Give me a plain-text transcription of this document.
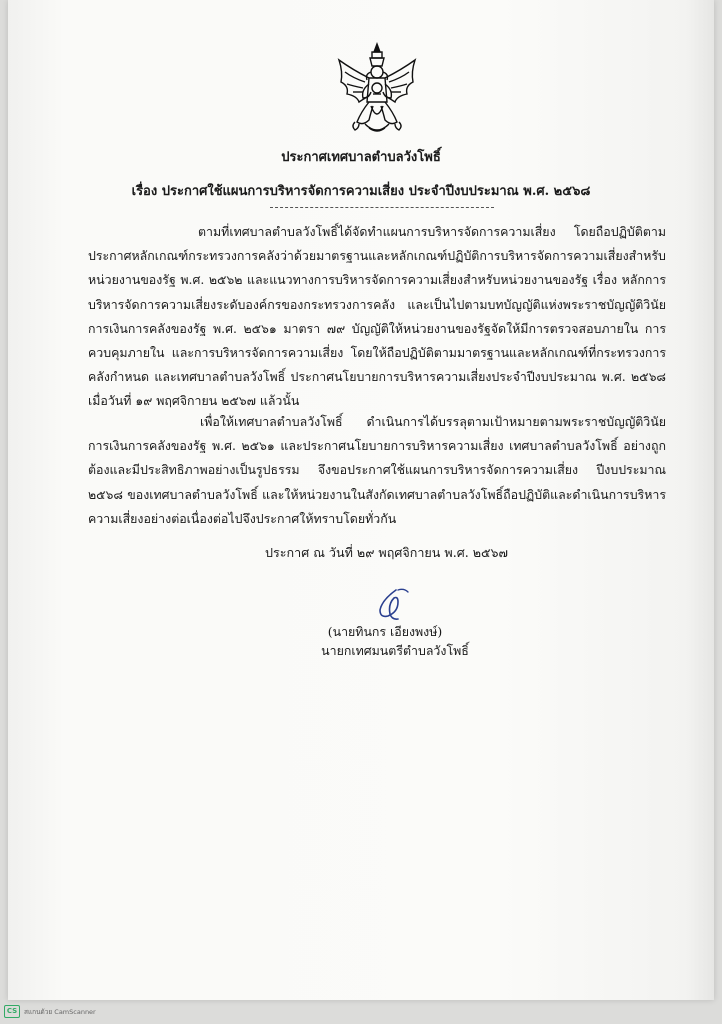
ประกาศเทศบาลตำบลวังโพธิ์
เรื่อง ประกาศใช้แผนการบริหารจัดการความเสี่ยง ประจำปีงบประมาณ พ.ศ. ๒๕๖๘

ตามที่เทศบาลตำบลวังโพธิ์ได้จัดทำแผนการบริหารจัดการความเสี่ยง โดยถือปฏิบัติตามประกาศหลักเกณฑ์กระทรวงการคลังว่าด้วยมาตรฐานและหลักเกณฑ์ปฏิบัติการบริหารจัดการความเสี่ยงสำหรับหน่วยงานของรัฐ พ.ศ. ๒๕๖๒ และแนวทางการบริหารจัดการความเสี่ยงสำหรับหน่วยงานของรัฐ เรื่อง หลักการบริหารจัดการความเสี่ยงระดับองค์กรของกระทรวงการคลัง และเป็นไปตามบทบัญญัติแห่งพระราชบัญญัติวินัยการเงินการคลังของรัฐ พ.ศ. ๒๕๖๑ มาตรา ๗๙ บัญญัติให้หน่วยงานของรัฐจัดให้มีการตรวจสอบภายใน การควบคุมภายใน และการบริหารจัดการความเสี่ยง โดยให้ถือปฏิบัติตามมาตรฐานและหลักเกณฑ์ที่กระทรวงการคลังกำหนด และเทศบาลตำบลวังโพธิ์ ประกาศนโยบายการบริหารความเสี่ยงประจำปีงบประมาณ พ.ศ. ๒๕๖๘ เมื่อวันที่ ๑๙ พฤศจิกายน ๒๕๖๗ แล้วนั้น

เพื่อให้เทศบาลตำบลวังโพธิ์ ดำเนินการได้บรรลุตามเป้าหมายตามพระราชบัญญัติวินัยการเงินการคลังของรัฐ พ.ศ. ๒๕๖๑ และประกาศนโยบายการบริหารความเสี่ยง เทศบาลตำบลวังโพธิ์ อย่างถูกต้องและมีประสิทธิภาพอย่างเป็นรูปธรรม จึงขอประกาศใช้แผนการบริหารจัดการความเสี่ยง ปีงบประมาณ ๒๕๖๘ ของเทศบาลตำบลวังโพธิ์ และให้หน่วยงานในสังกัดเทศบาลตำบลวังโพธิ์ถือปฏิบัติและดำเนินการบริหารความเสี่ยงอย่างต่อเนื่องต่อไปจึงประกาศให้ทราบโดยทั่วกัน

ประกาศ ณ วันที่ ๒๙ พฤศจิกายน พ.ศ. ๒๕๖๗
(นายทินกร เอียงพงษ์)
นายกเทศมนตรีตำบลวังโพธิ์
CS	สแกนด้วย CamScanner
